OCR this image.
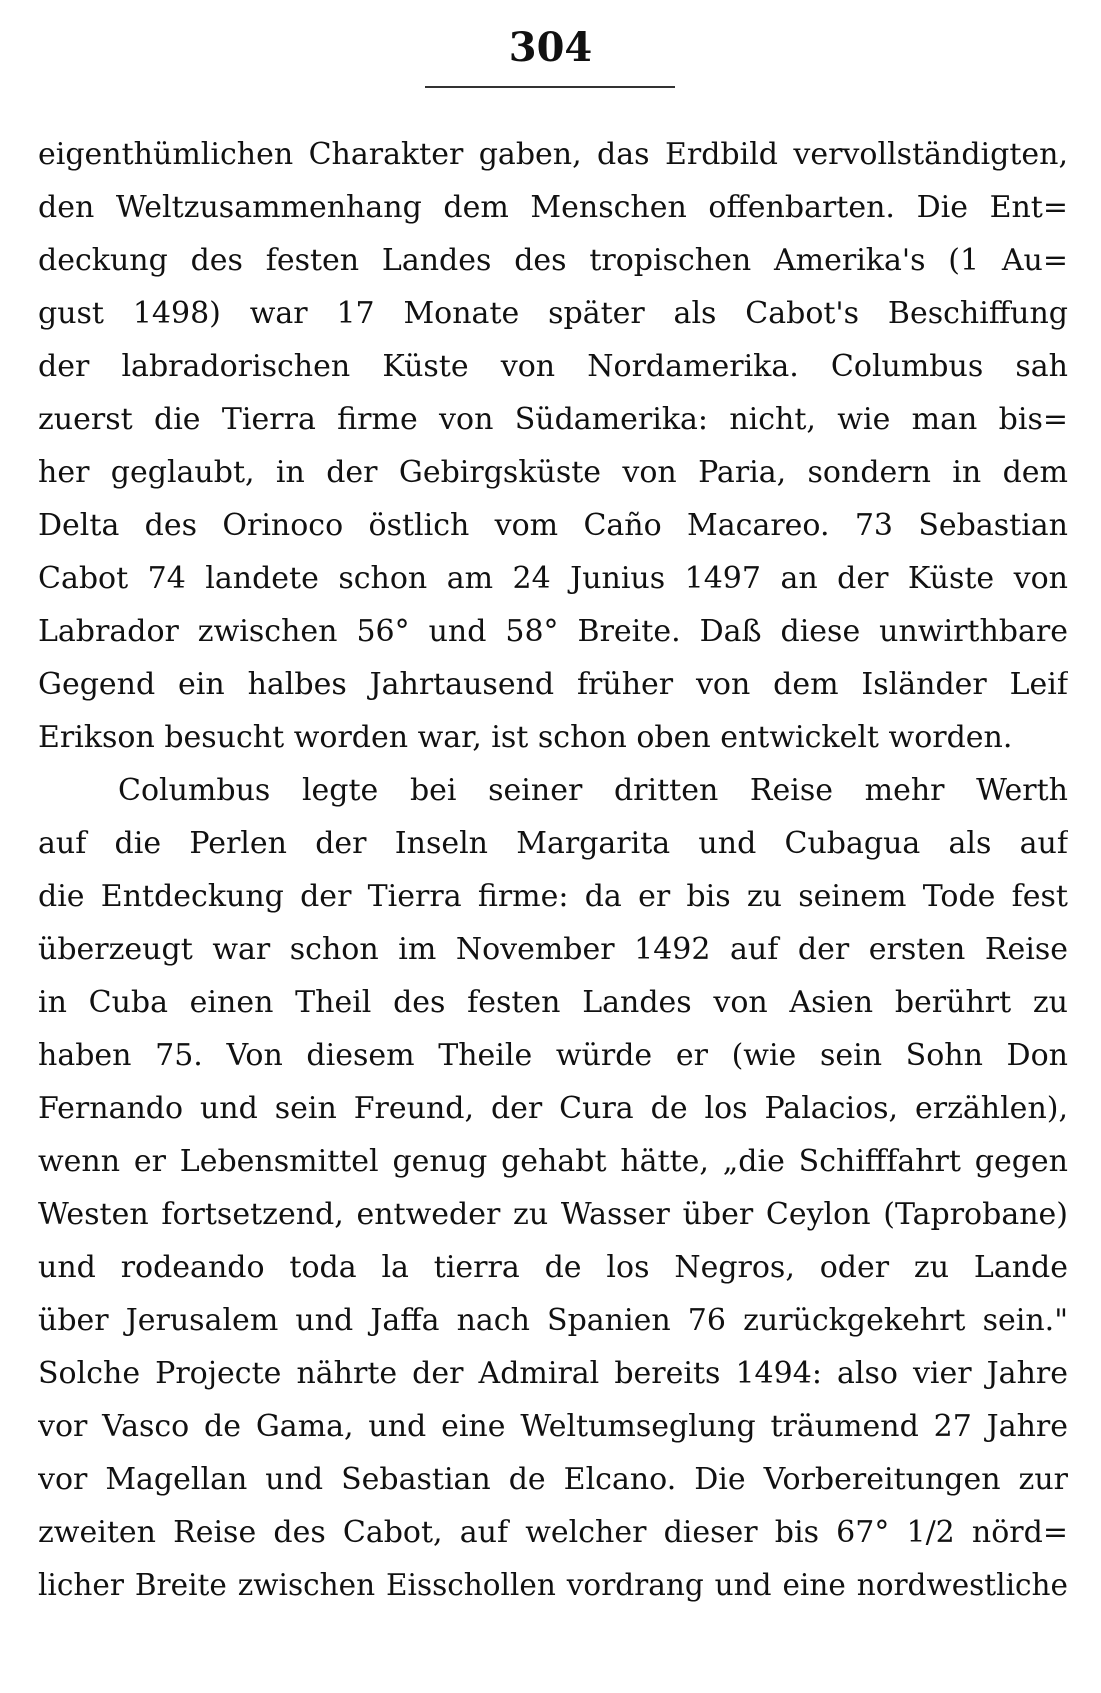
304
eigenthümlichen Charakter gaben, das Erdbild vervollständigten,
den Weltzusammenhang dem Menschen offenbarten. Die Ent=
deckung des festen Landes des tropischen Amerika's (1 Au=
gust 1498) war 17 Monate später als Cabot's Beschiffung
der labradorischen Küste von Nordamerika. Columbus sah
zuerst die Tierra firme von Südamerika: nicht, wie man bis=
her geglaubt, in der Gebirgsküste von Paria, sondern in dem
Delta des Orinoco östlich vom Caño Macareo. 73 Sebastian
Cabot 74 landete schon am 24 Junius 1497 an der Küste von
Labrador zwischen 56° und 58° Breite. Daß diese unwirthbare
Gegend ein halbes Jahrtausend früher von dem Isländer Leif
Erikson besucht worden war, ist schon oben entwickelt worden.
Columbus legte bei seiner dritten Reise mehr Werth
auf die Perlen der Inseln Margarita und Cubagua als auf
die Entdeckung der Tierra firme: da er bis zu seinem Tode fest
überzeugt war schon im November 1492 auf der ersten Reise
in Cuba einen Theil des festen Landes von Asien berührt zu
haben 75. Von diesem Theile würde er (wie sein Sohn Don
Fernando und sein Freund, der Cura de los Palacios, erzählen),
wenn er Lebensmittel genug gehabt hätte, „die Schifffahrt gegen
Westen fortsetzend, entweder zu Wasser über Ceylon (Taprobane)
und rodeando toda la tierra de los Negros, oder zu Lande
über Jerusalem und Jaffa nach Spanien 76 zurückgekehrt sein."
Solche Projecte nährte der Admiral bereits 1494: also vier Jahre
vor Vasco de Gama, und eine Weltumseglung träumend 27 Jahre
vor Magellan und Sebastian de Elcano. Die Vorbereitungen zur
zweiten Reise des Cabot, auf welcher dieser bis 67° 1/2 nörd=
licher Breite zwischen Eisschollen vordrang und eine nordwestliche
